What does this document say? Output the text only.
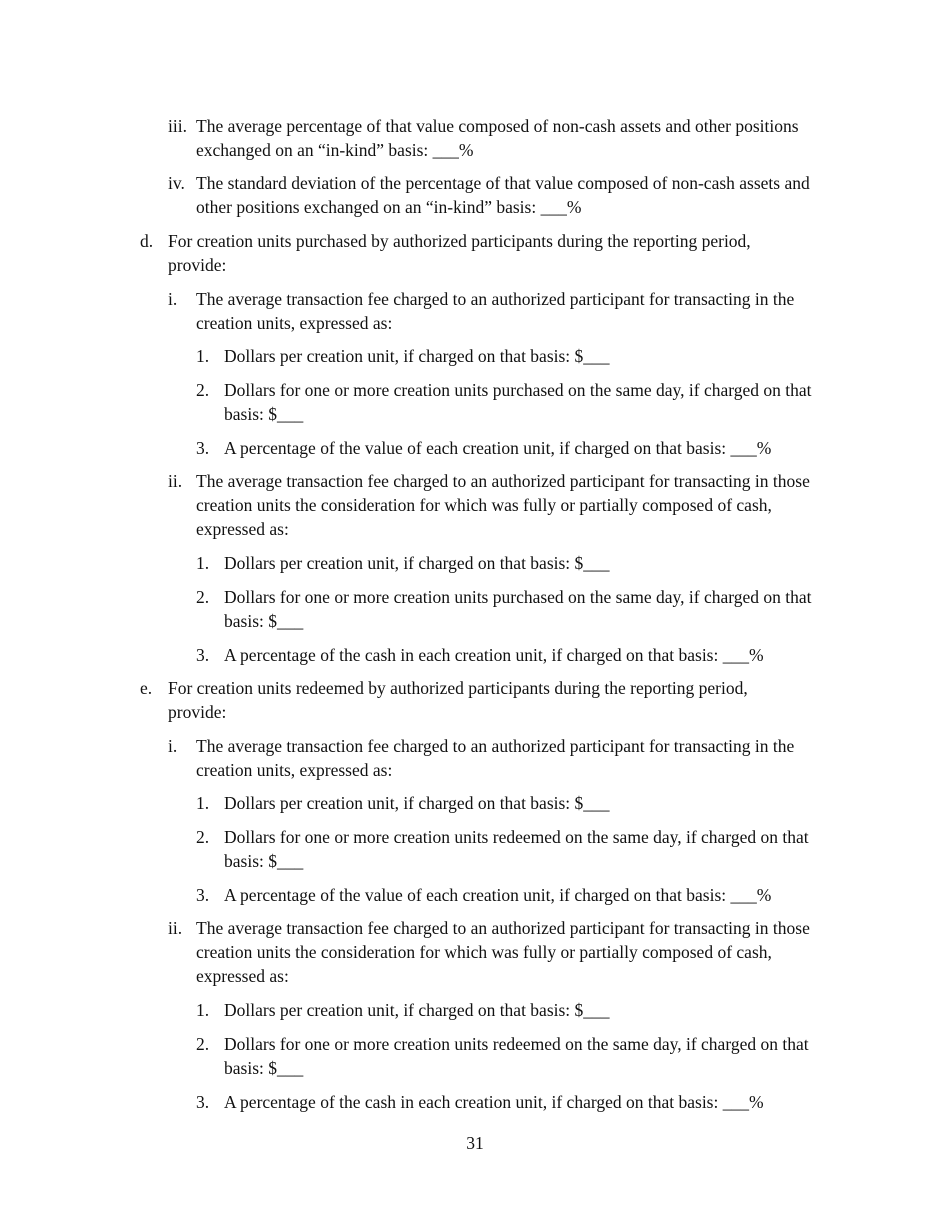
iii. The average percentage of that value composed of non-cash assets and other positions exchanged on an “in-kind” basis: ___%
iv. The standard deviation of the percentage of that value composed of non-cash assets and other positions exchanged on an “in-kind” basis: ___%
d. For creation units purchased by authorized participants during the reporting period, provide:
i. The average transaction fee charged to an authorized participant for transacting in the creation units, expressed as:
1. Dollars per creation unit, if charged on that basis: $___
2. Dollars for one or more creation units purchased on the same day, if charged on that basis: $___
3. A percentage of the value of each creation unit, if charged on that basis: ___%
ii. The average transaction fee charged to an authorized participant for transacting in those creation units the consideration for which was fully or partially composed of cash, expressed as:
1. Dollars per creation unit, if charged on that basis: $___
2. Dollars for one or more creation units purchased on the same day, if charged on that basis: $___
3. A percentage of the cash in each creation unit, if charged on that basis: ___%
e. For creation units redeemed by authorized participants during the reporting period, provide:
i. The average transaction fee charged to an authorized participant for transacting in the creation units, expressed as:
1. Dollars per creation unit, if charged on that basis: $___
2. Dollars for one or more creation units redeemed on the same day, if charged on that basis: $___
3. A percentage of the value of each creation unit, if charged on that basis: ___%
ii. The average transaction fee charged to an authorized participant for transacting in those creation units the consideration for which was fully or partially composed of cash, expressed as:
1. Dollars per creation unit, if charged on that basis: $___
2. Dollars for one or more creation units redeemed on the same day, if charged on that basis: $___
3. A percentage of the cash in each creation unit, if charged on that basis: ___%
31
